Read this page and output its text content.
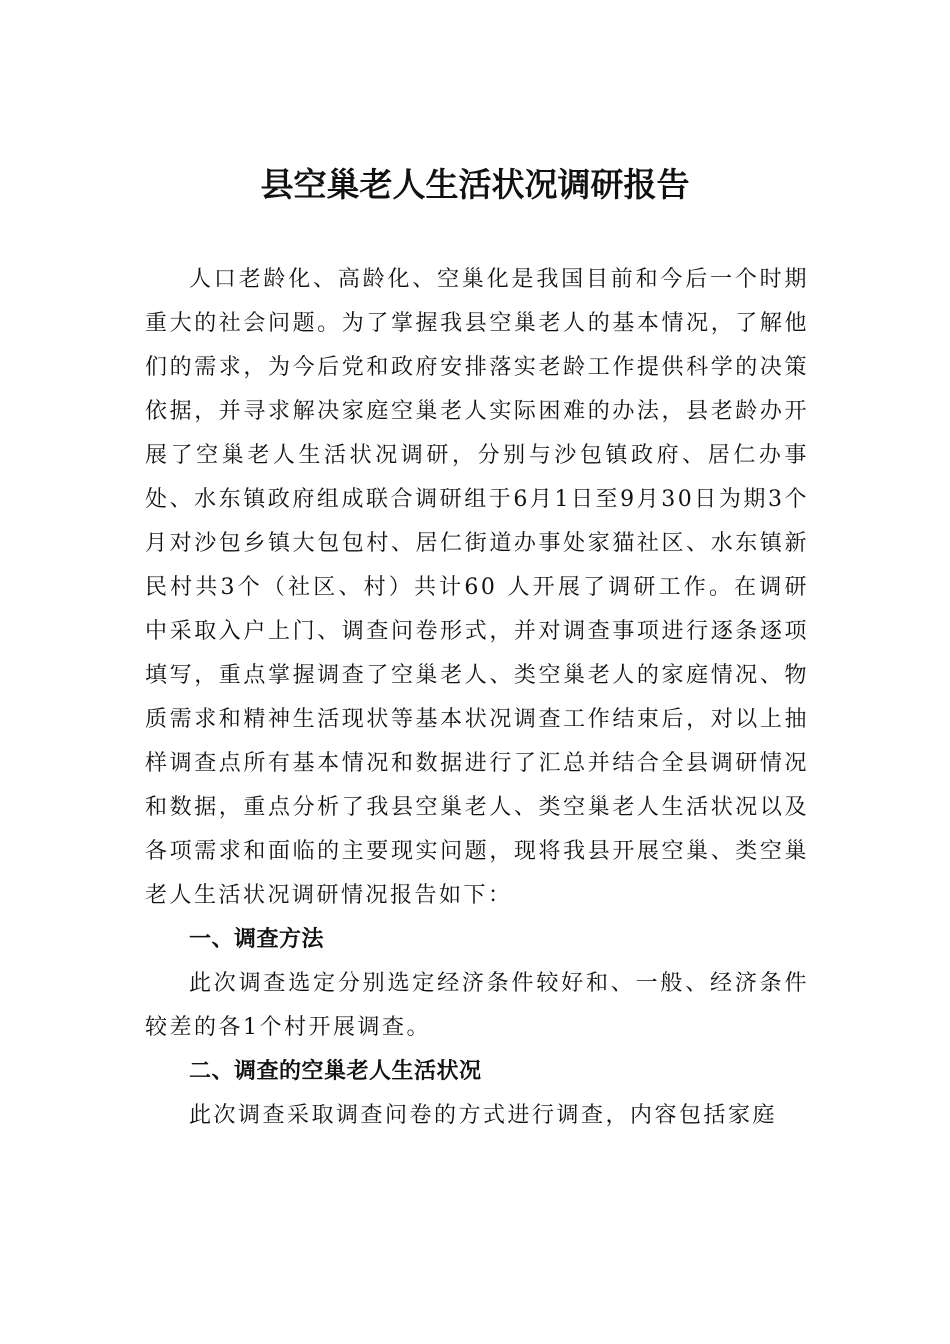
县空巢老人生活状况调研报告

人口老龄化、高龄化、空巢化是我国目前和今后一个时期重大的社会问题。为了掌握我县空巢老人的基本情况，了解他们的需求，为今后党和政府安排落实老龄工作提供科学的决策依据，并寻求解决家庭空巢老人实际困难的办法，县老龄办开展了空巢老人生活状况调研，分别与沙包镇政府、居仁办事处、水东镇政府组成联合调研组于6月1日至9月30日为期3个月对沙包乡镇大包包村、居仁街道办事处家猫社区、水东镇新民村共3个（社区、村）共计60 人开展了调研工作。在调研中采取入户上门、调查问卷形式，并对调查事项进行逐条逐项填写，重点掌握调查了空巢老人、类空巢老人的家庭情况、物质需求和精神生活现状等基本状况调查工作结束后，对以上抽样调查点所有基本情况和数据进行了汇总并结合全县调研情况和数据，重点分析了我县空巢老人、类空巢老人生活状况以及各项需求和面临的主要现实问题，现将我县开展空巢、类空巢老人生活状况调研情况报告如下：

一、调查方法

此次调查选定分别选定经济条件较好和、一般、经济条件较差的各1个村开展调查。

二、调查的空巢老人生活状况

此次调查采取调查问卷的方式进行调查，内容包括家庭
